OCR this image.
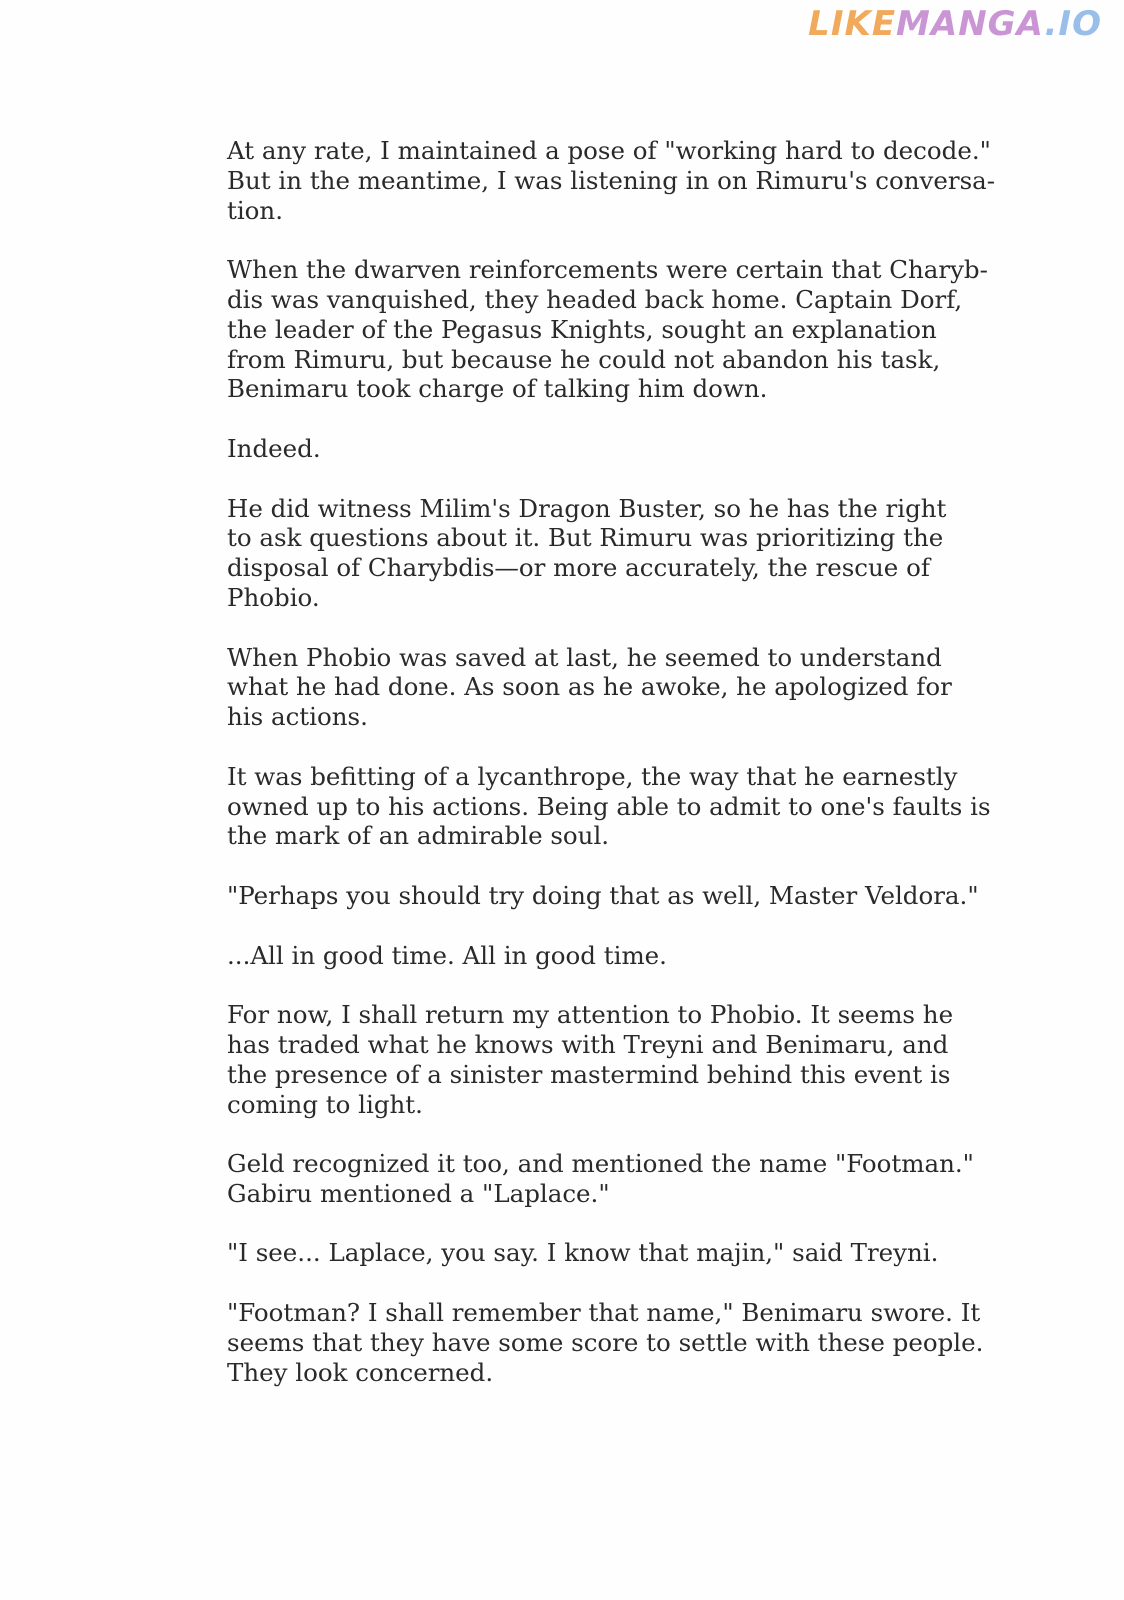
LIKEMANGA.IO
At any rate, I maintained a pose of "working hard to decode."
But in the meantime, I was listening in on Rimuru's conversa-
tion.
When the dwarven reinforcements were certain that Charyb-
dis was vanquished, they headed back home. Captain Dorf,
the leader of the Pegasus Knights, sought an explanation
from Rimuru, but because he could not abandon his task,
Benimaru took charge of talking him down.
Indeed.
He did witness Milim's Dragon Buster, so he has the right
to ask questions about it. But Rimuru was prioritizing the
disposal of Charybdis—or more accurately, the rescue of
Phobio.
When Phobio was saved at last, he seemed to understand
what he had done. As soon as he awoke, he apologized for
his actions.
It was befitting of a lycanthrope, the way that he earnestly
owned up to his actions. Being able to admit to one's faults is
the mark of an admirable soul.
"Perhaps you should try doing that as well, Master Veldora."
...All in good time. All in good time.
For now, I shall return my attention to Phobio. It seems he
has traded what he knows with Treyni and Benimaru, and
the presence of a sinister mastermind behind this event is
coming to light.
Geld recognized it too, and mentioned the name "Footman."
Gabiru mentioned a "Laplace."
"I see... Laplace, you say. I know that majin," said Treyni.
"Footman? I shall remember that name," Benimaru swore. It
seems that they have some score to settle with these people.
They look concerned.
